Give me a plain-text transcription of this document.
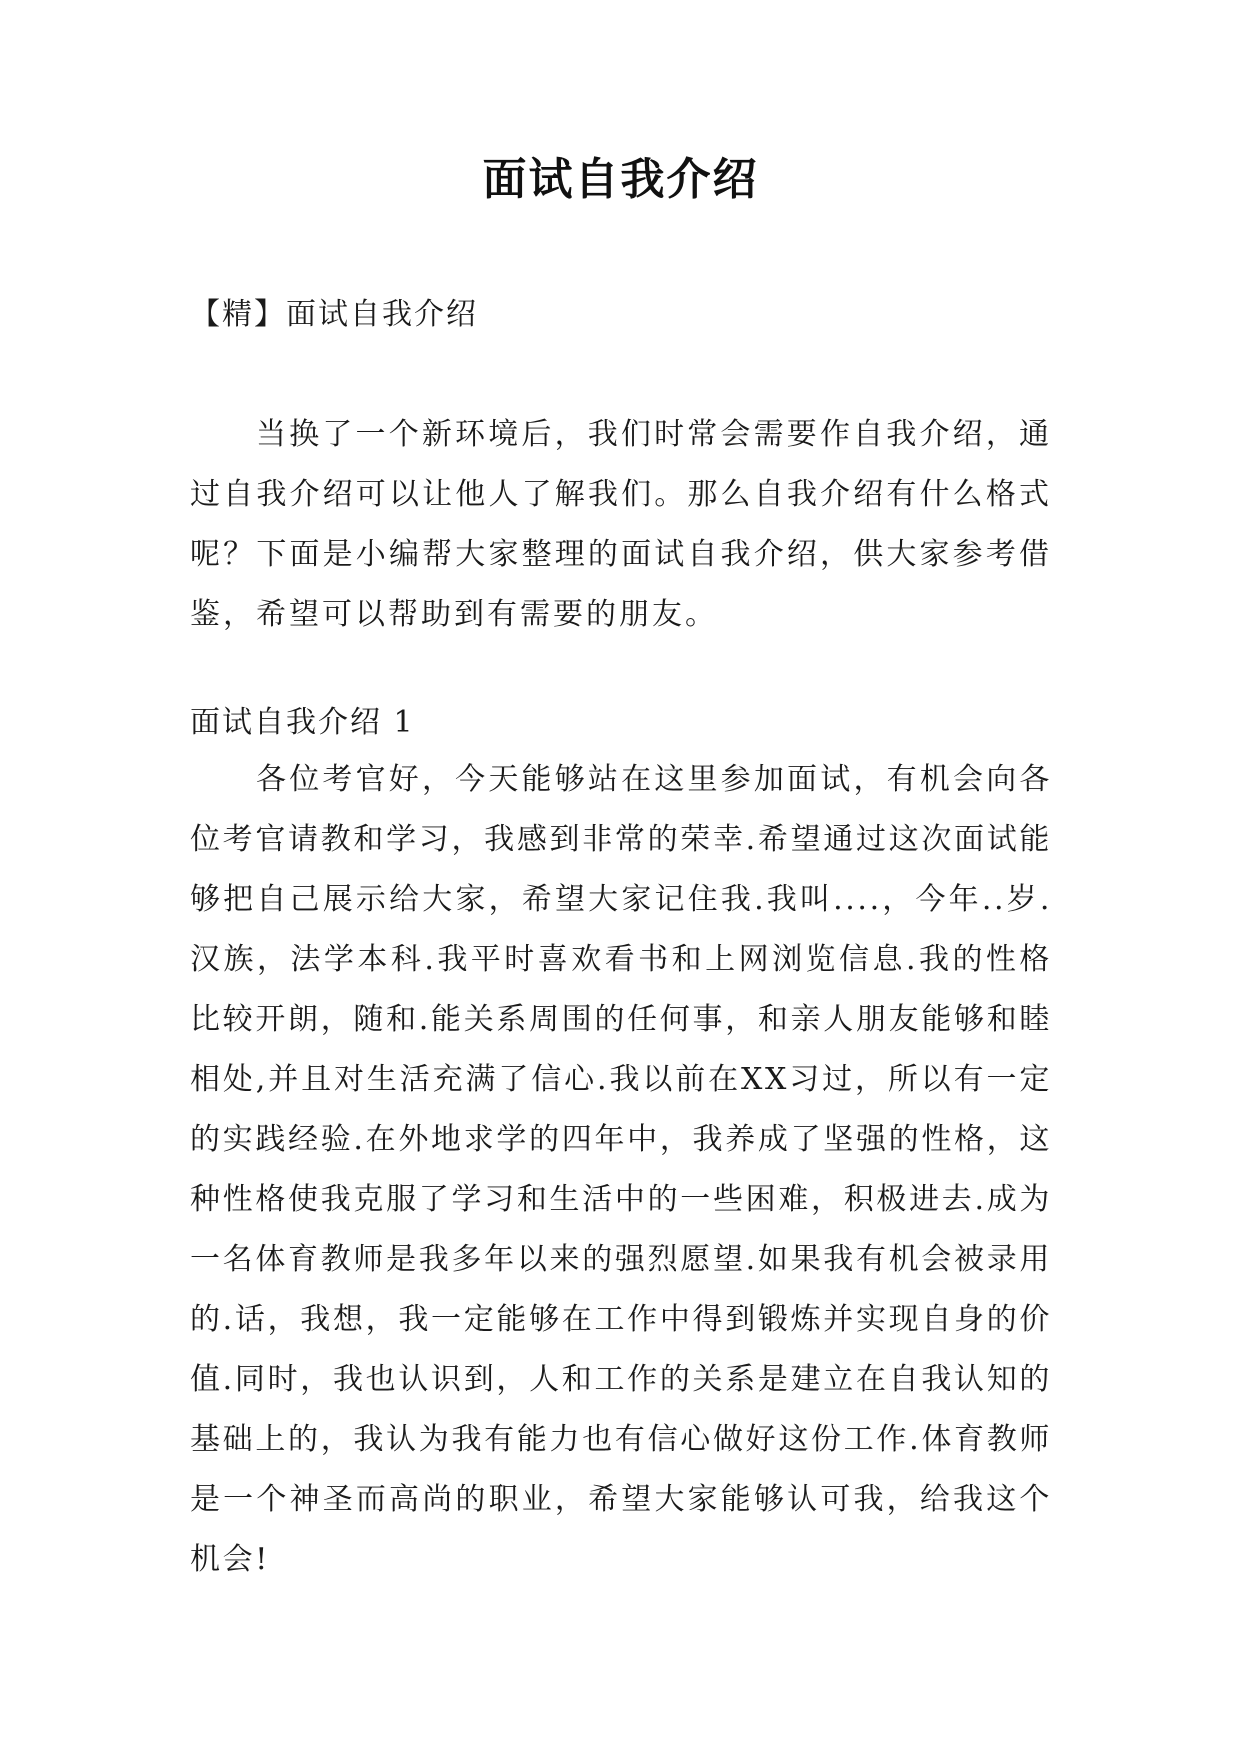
面试自我介绍
【精】面试自我介绍

当换了一个新环境后，我们时常会需要作自我介绍，通过自我介绍可以让他人了解我们。那么自我介绍有什么格式呢？下面是小编帮大家整理的面试自我介绍，供大家参考借鉴，希望可以帮助到有需要的朋友。

面试自我介绍 1

各位考官好，今天能够站在这里参加面试，有机会向各位考官请教和学习，我感到非常的荣幸.希望通过这次面试能够把自己展示给大家，希望大家记住我.我叫....，今年..岁.汉族，法学本科.我平时喜欢看书和上网浏览信息.我的性格比较开朗，随和.能关系周围的任何事，和亲人朋友能够和睦相处,并且对生活充满了信心.我以前在XX习过，所以有一定的实践经验.在外地求学的四年中，我养成了坚强的性格，这种性格使我克服了学习和生活中的一些困难，积极进去.成为一名体育教师是我多年以来的强烈愿望.如果我有机会被录用的.话，我想，我一定能够在工作中得到锻炼并实现自身的价值.同时，我也认识到，人和工作的关系是建立在自我认知的基础上的，我认为我有能力也有信心做好这份工作.体育教师是一个神圣而高尚的职业，希望大家能够认可我，给我这个机会!
